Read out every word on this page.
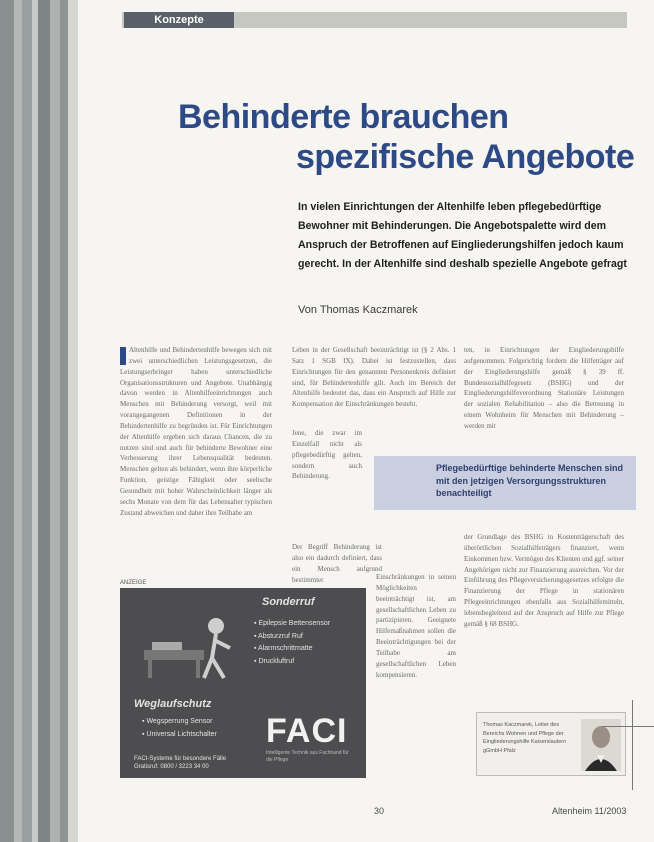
Konzepte
Behinderte brauchen
spezifische Angebote
In vielen Einrichtungen der Altenhilfe leben pflegebedürftige Bewohner mit Behinderungen. Die Angebotspalette wird dem Anspruch der Betroffenen auf Eingliederungshilfen jedoch kaum gerecht. In der Altenhilfe sind deshalb spezielle Angebote gefragt
Von Thomas Kaczmarek
Altenhilfe und Behindertenhilfe bewegen sich mit zwei unterschiedlichen Leistungsgesetzen, die Leistungserbringer haben unterschiedliche Organisationsstrukturen und Angebote. Unabhängig davon werden in Altenhilfeeinrichtungen auch Menschen mit Behinderung versorgt, weil mit vorangegangenen Definitionen in der Behindertenhilfe zu begründen ist. Für Einrichtungen der Altenhilfe ergeben sich daraus Chancen, die zu nutzen sind und auch für behinderte Bewohner eine Verbesserung ihrer Lebensqualität bedeuten. Menschen gelten als behindert, wenn ihre körperliche Funktion, geistige Fähigkeit oder seelische Gesundheit mit hoher Wahrscheinlichkeit länger als sechs Monate von dem für das Lebensalter typischen Zustand abweichen und daher ihre Teilhabe am
Leben in der Gesellschaft beeinträchtigt ist (§ 2 Abs. 1 Satz 1 SGB IX). Dabei ist festzustellen, dass Einrichtungen für den genannten Personenkreis definiert sind, für Behindertenhilfe gilt. Auch im Bereich der Altenhilfe bedeutet das, dass ein Anspruch auf Hilfe zur Kompensation der Einschränkungen besteht.
Jene, die zwar im Einzelfall nicht als pflegebedürftig gelten, sondern auch Behinderung.
Der Begriff Behinderung ist also ein dadurch definiert, dass ein Mensch aufgrund bestimmter	Einschränkungen in seinen Möglichkeiten beeinträchtigt ist, am gesellschaftlichen Leben zu partizipieren. Geeignete Hilfemaßnahmen sollen die Beeinträchtigungen bei der Teilhabe am gesellschaftlichen Leben kompensieren.
ten, in Einrichtungen der Eingliederungshilfe aufgenommen. Folgerichtig fordern die Hilfeträger auf der Eingliederungshilfe gemäß § 39 ff. Bundessozialhilfegesetz (BSHG) und der Eingliederungshilfeverordnung Stationäre Leistungen der sozialen Rehabilitation – also die Betreuung in einem Wohnheim für Menschen mit Behinderung – werden mit
der Grundlage des BSHG in Kostenträgerschaft des überörtlichen Sozialhilfeträgers finanziert, wenn Einkommen bzw. Vermögen des Klienten und ggf. seiner Angehörigen nicht zur Finanzierung ausreichen. Vor der Einführung des Pflegeversicherungsgesetzes erfolgte die Finanzierung der Pflege in stationären Pflegeeinrichtungen ebenfalls aus Sozialhilfemitteln, lebensbegleitend auf der Anspruch auf Hilfe zur Pflege gemäß § 68 BSHG.
Pflegebedürftige behinderte Menschen sind mit den jetzigen Versorgungsstrukturen benachteiligt
ANZEIGE
Sonderruf
▪ Epilepsie Bettensensor
▪ Absturzruf Ruf
▪ Alarmschrittmatte
▪ Druckluftruf
Weglaufschutz
▪ Wegsperrung Sensor
▪ Universal Lichtschalter FACI
FACI-Systeme für besondere Fälle
Gratisruf: 0800 / 3223 34 00
Intelligente Technik aus Fachhand für die Pflege
Thomas Kaczmarek, Leiter des Bereichs Wohnen und Pflege der Eingliederungshilfe Kaiserslautern gGmbH Pfalz
30	Altenheim 11/2003
